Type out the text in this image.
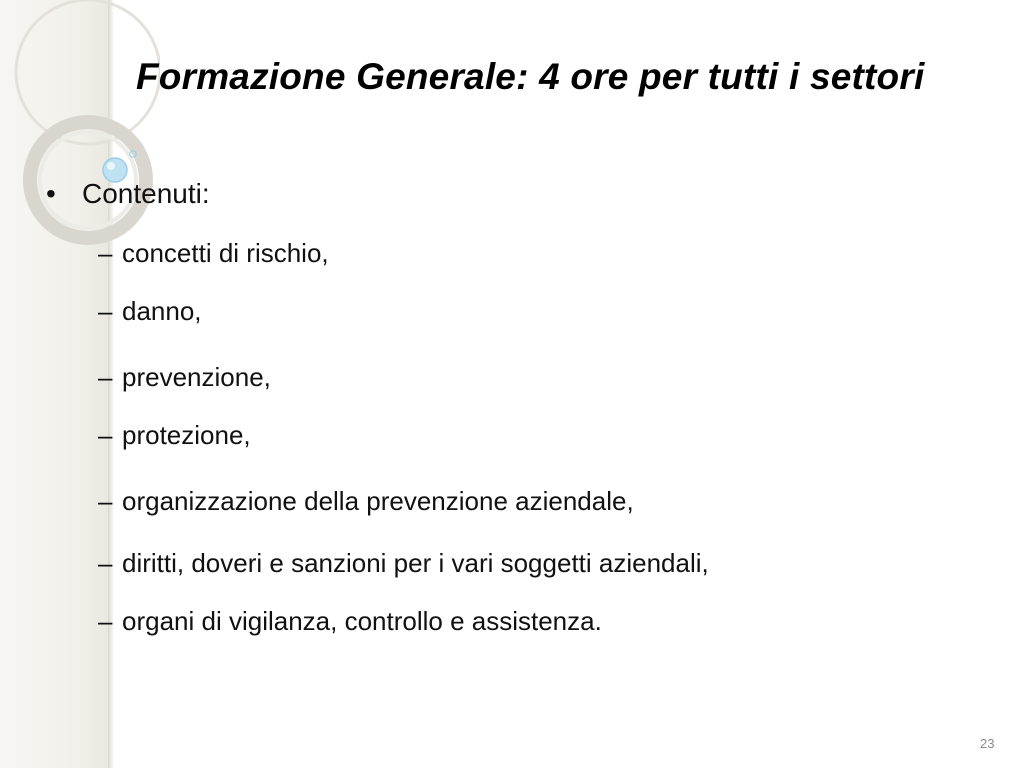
Formazione Generale: 4 ore per tutti i settori
• Contenuti:
– concetti di rischio,
– danno,
– prevenzione,
– protezione,
– organizzazione della prevenzione aziendale,
– diritti, doveri e sanzioni per i vari soggetti aziendali,
– organi di vigilanza, controllo e assistenza.
23
